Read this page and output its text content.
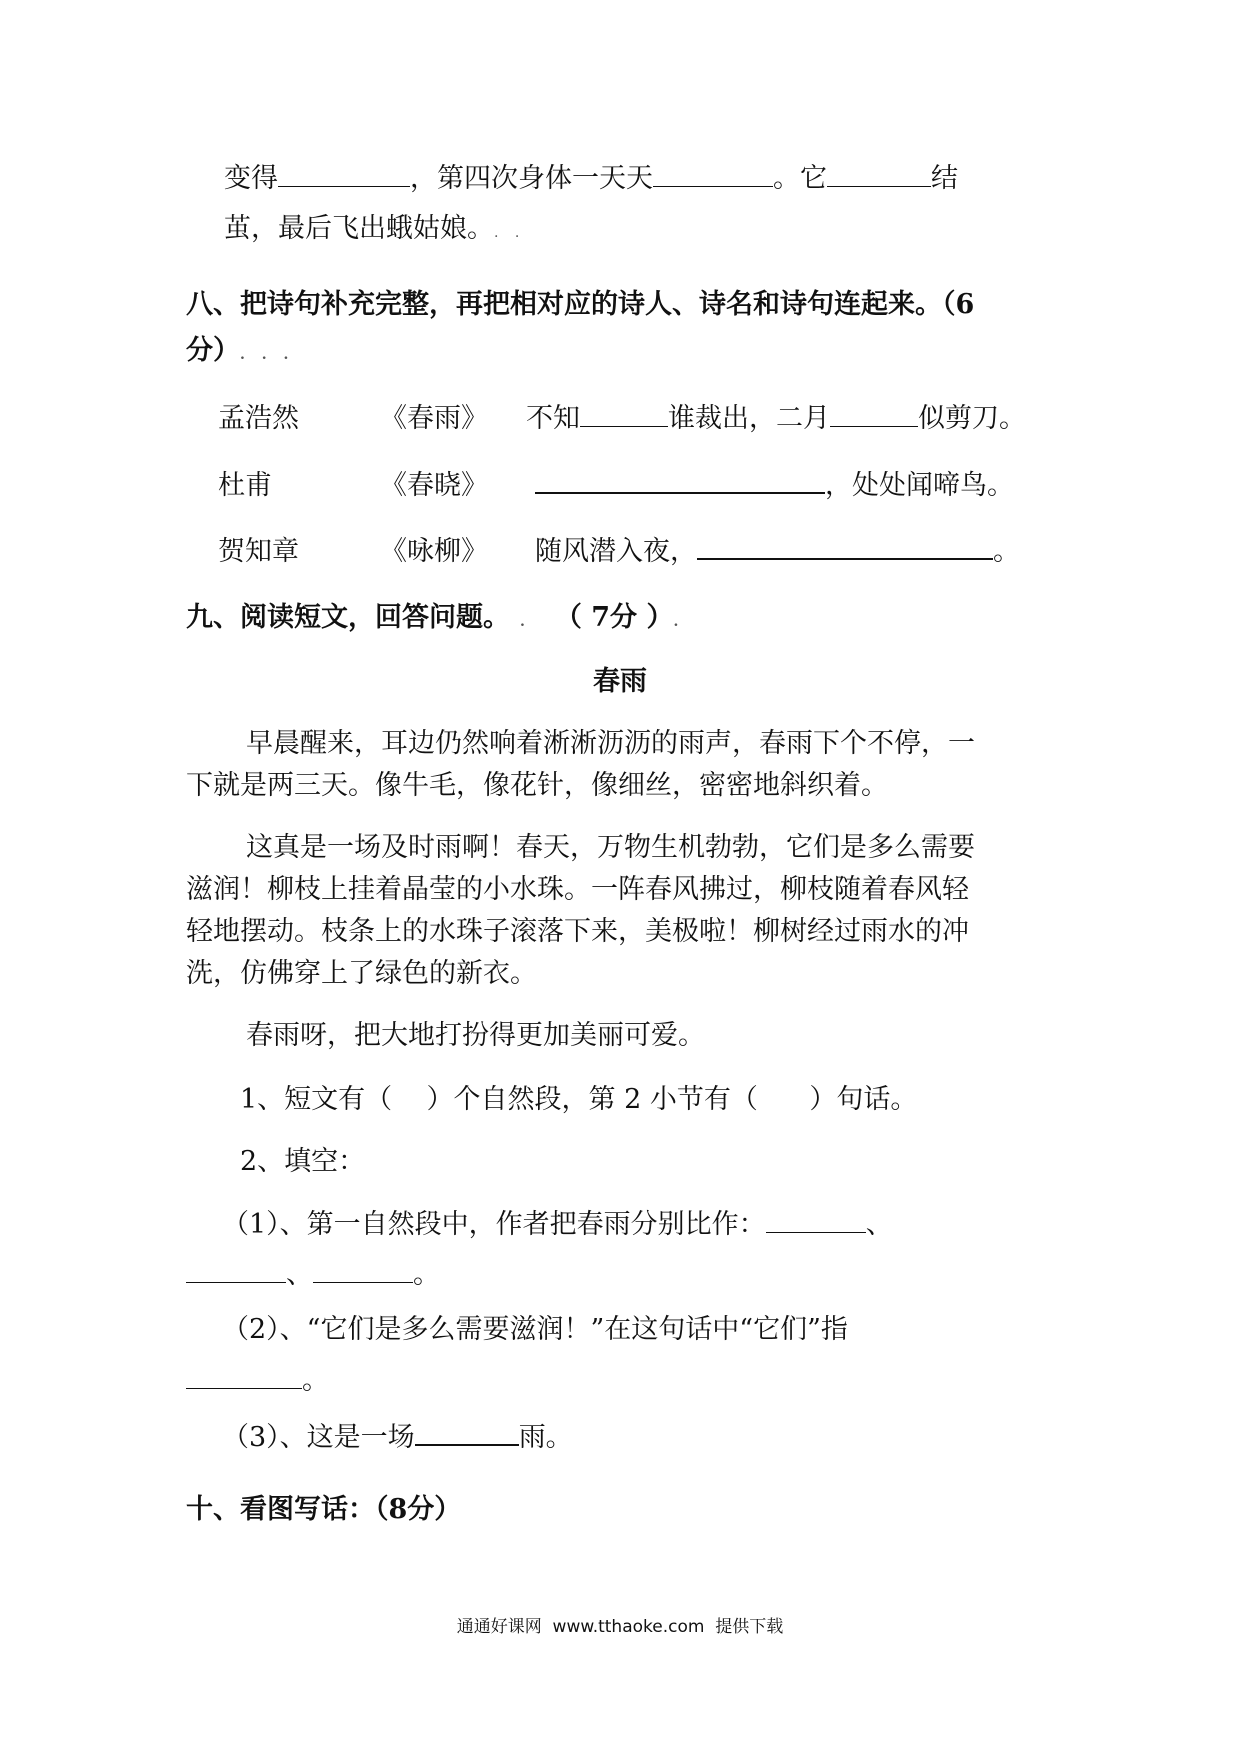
变得	，第四次身体一天天	。它	结
茧，最后飞出蛾姑娘。. .
八、把诗句补充完整，再把相对应的诗人、诗名和诗句连起来。（6
分）. . .
孟浩然	《春雨》 不知	谁裁出，二月	似剪刀。
杜甫	《春晓》	，处处闻啼鸟。
贺知章	《咏柳》 随风潜入夜，	。
九、阅读短文，回答问题。 . （ 7分 ）.
春雨
早晨醒来，耳边仍然响着淅淅沥沥的雨声，春雨下个不停，一
下就是两三天。像牛毛，像花针，像细丝，密密地斜织着。
这真是一场及时雨啊！春天，万物生机勃勃，它们是多么需要
滋润！柳枝上挂着晶莹的小水珠。一阵春风拂过，柳枝随着春风轻
轻地摆动。枝条上的水珠子滚落下来，美极啦！柳树经过雨水的冲
洗，仿佛穿上了绿色的新衣。
春雨呀，把大地打扮得更加美丽可爱。
1、短文有（    ）个自然段，第 2 小节有（      ）句话。
2、填空：
（1）、第一自然段中，作者把春雨分别比作：	、
、	。
（2）、“它们是多么需要滋润！”在这句话中“它们”指
。
（3）、这是一场	雨。
十、看图写话：（8分）
通通好课网  www.tthaoke.com  提供下载
